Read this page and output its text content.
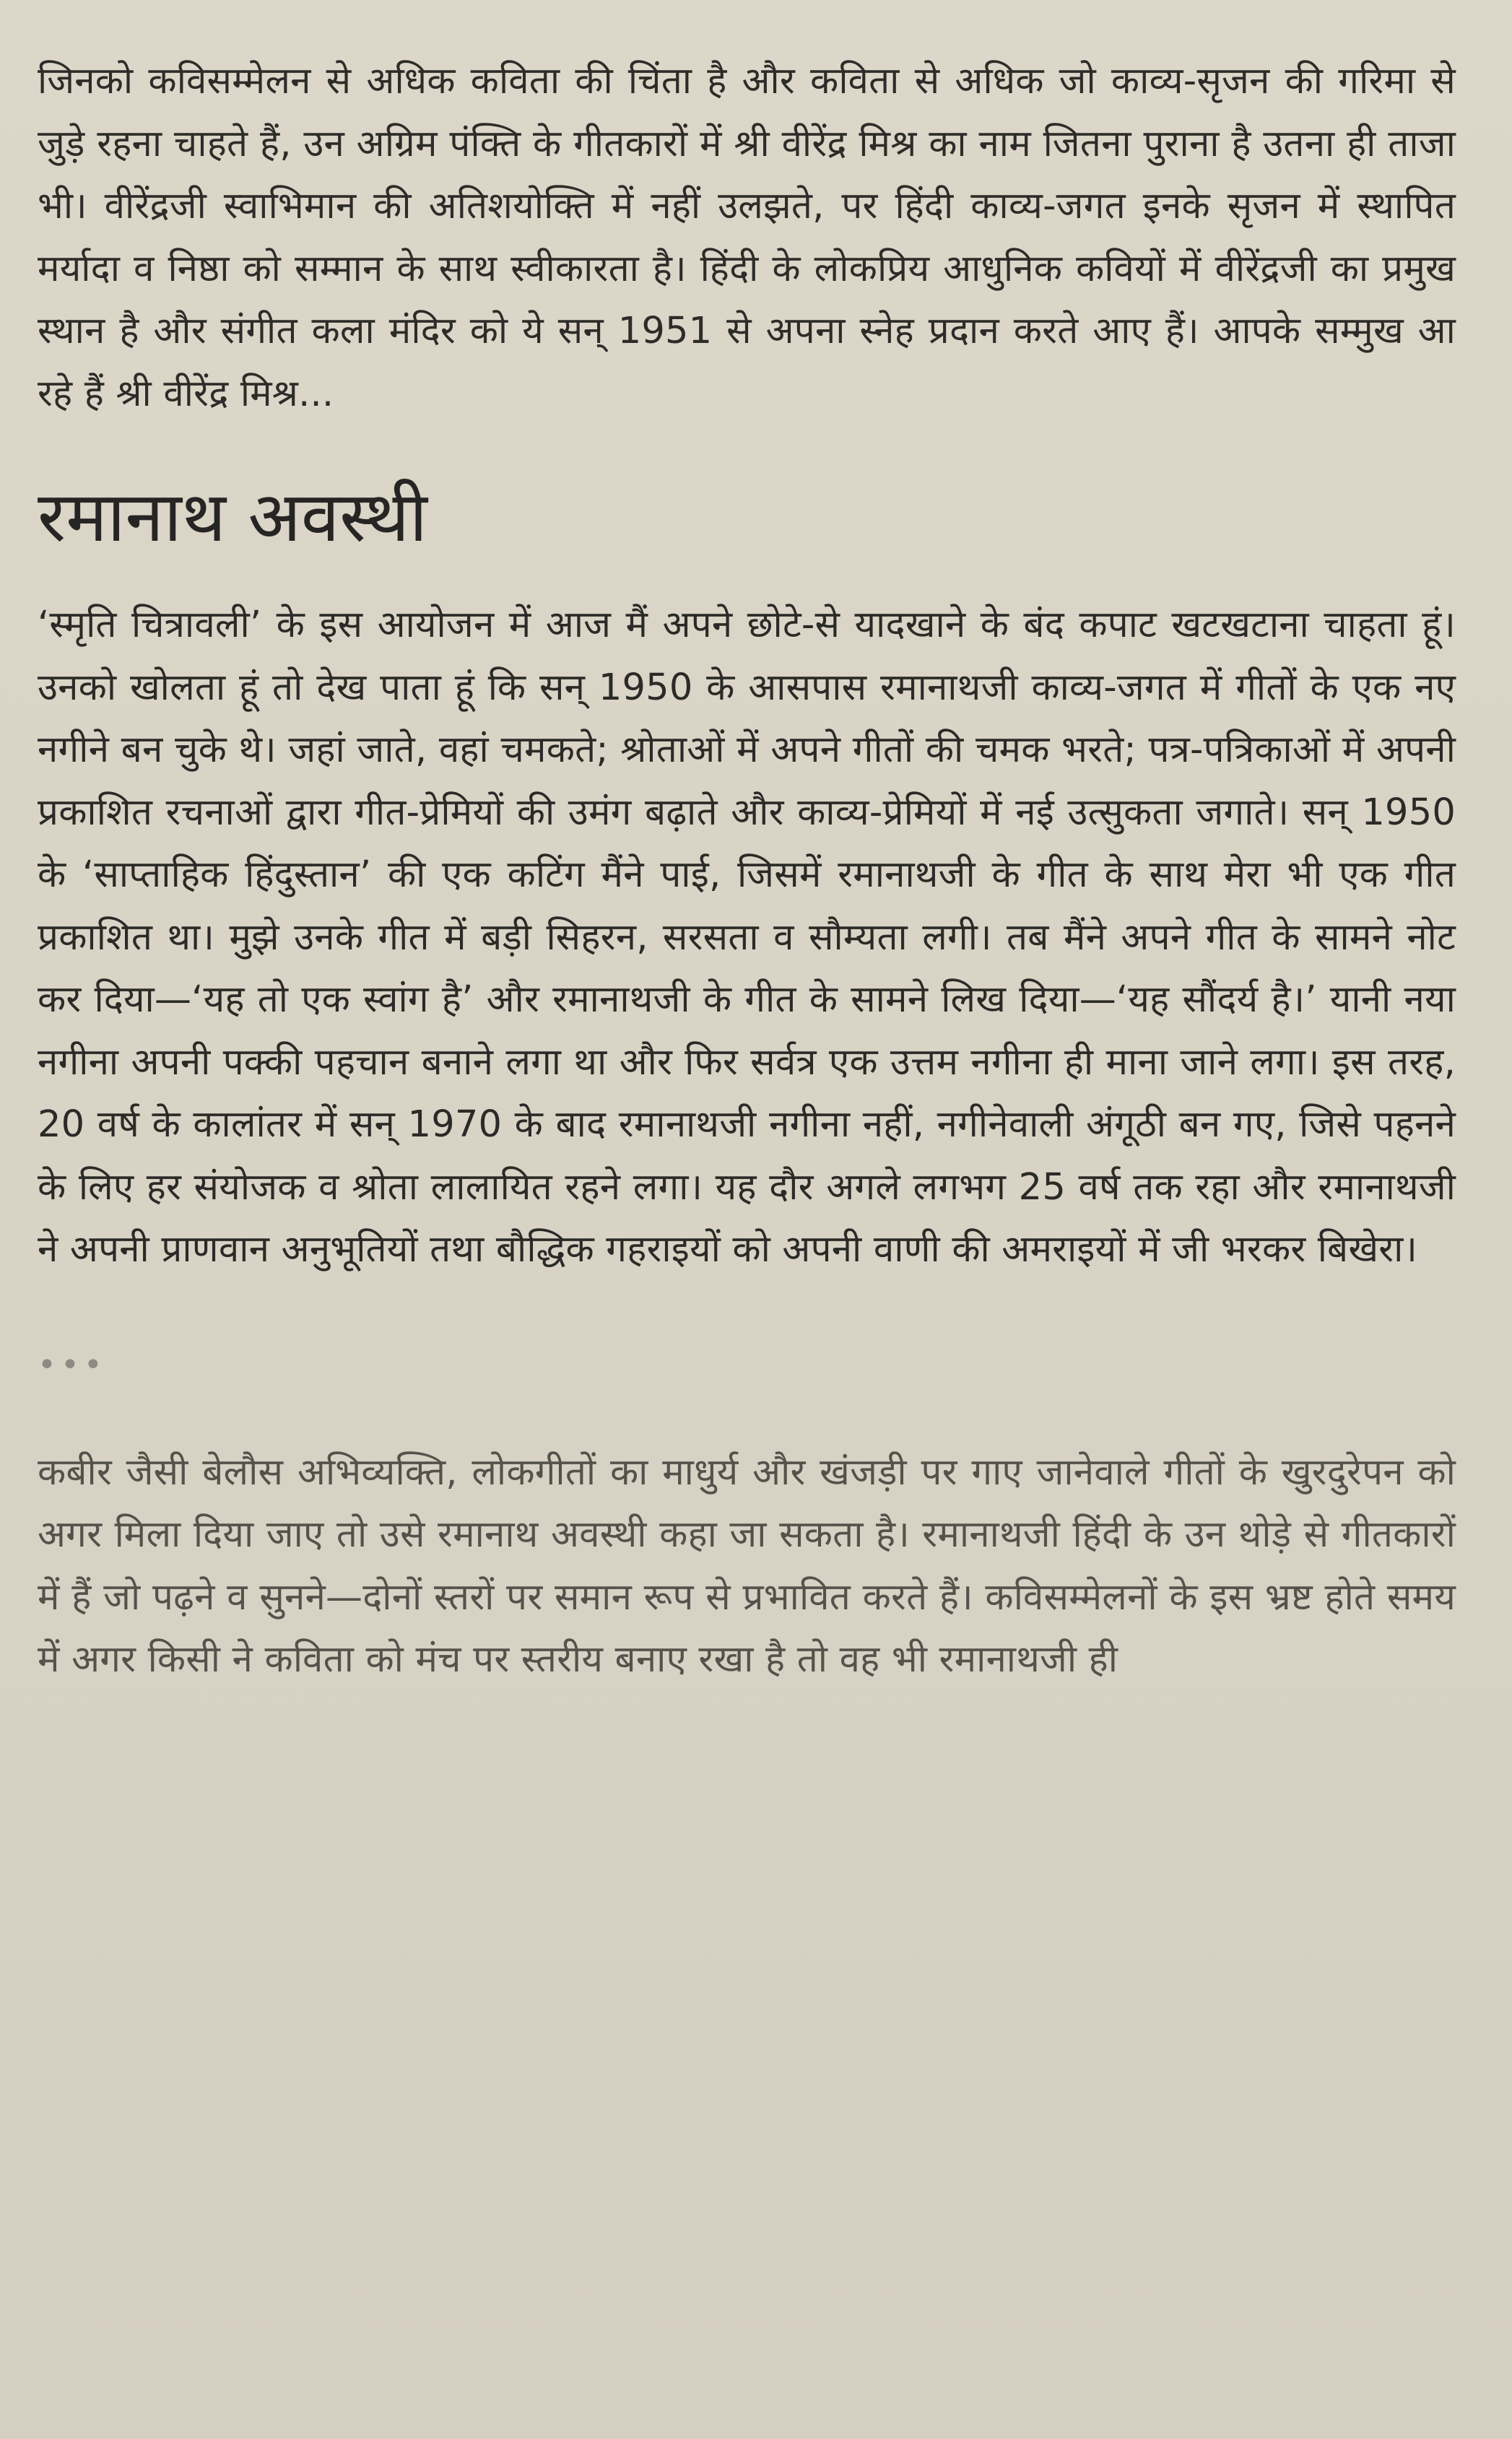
जिनको कविसम्मेलन से अधिक कविता की चिंता है और कविता से अधिक जो काव्य-सृजन की गरिमा से जुड़े रहना चाहते हैं, उन अग्रिम पंक्ति के गीतकारों में श्री वीरेंद्र मिश्र का नाम जितना पुराना है उतना ही ताजा भी। वीरेंद्रजी स्वाभिमान की अतिशयोक्ति में नहीं उलझते, पर हिंदी काव्य-जगत इनके सृजन में स्थापित मर्यादा व निष्ठा को सम्मान के साथ स्वीकारता है। हिंदी के लोकप्रिय आधुनिक कवियों में वीरेंद्रजी का प्रमुख स्थान है और संगीत कला मंदिर को ये सन् 1951 से अपना स्नेह प्रदान करते आए हैं। आपके सम्मुख आ रहे हैं श्री वीरेंद्र मिश्र...

रमानाथ अवस्थी

‘स्मृति चित्रावली’ के इस आयोजन में आज मैं अपने छोटे-से यादखाने के बंद कपाट खटखटाना चाहता हूं। उनको खोलता हूं तो देख पाता हूं कि सन् 1950 के आसपास रमानाथजी काव्य-जगत में गीतों के एक नए नगीने बन चुके थे। जहां जाते, वहां चमकते; श्रोताओं में अपने गीतों की चमक भरते; पत्र-पत्रिकाओं में अपनी प्रकाशित रचनाओं द्वारा गीत-प्रेमियों की उमंग बढ़ाते और काव्य-प्रेमियों में नई उत्सुकता जगाते। सन् 1950 के ‘साप्ताहिक हिंदुस्तान’ की एक कटिंग मैंने पाई, जिसमें रमानाथजी के गीत के साथ मेरा भी एक गीत प्रकाशित था। मुझे उनके गीत में बड़ी सिहरन, सरसता व सौम्यता लगी। तब मैंने अपने गीत के सामने नोट कर दिया—‘यह तो एक स्वांग है’ और रमानाथजी के गीत के सामने लिख दिया—‘यह सौंदर्य है।’ यानी नया नगीना अपनी पक्की पहचान बनाने लगा था और फिर सर्वत्र एक उत्तम नगीना ही माना जाने लगा। इस तरह, 20 वर्ष के कालांतर में सन् 1970 के बाद रमानाथजी नगीना नहीं, नगीनेवाली अंगूठी बन गए, जिसे पहनने के लिए हर संयोजक व श्रोता लालायित रहने लगा। यह दौर अगले लगभग 25 वर्ष तक रहा और रमानाथजी ने अपनी प्राणवान अनुभूतियों तथा बौद्धिक गहराइयों को अपनी वाणी की अमराइयों में जी भरकर बिखेरा।

•••

कबीर जैसी बेलौस अभिव्यक्ति, लोकगीतों का माधुर्य और खंजड़ी पर गाए जानेवाले गीतों के खुरदुरेपन को अगर मिला दिया जाए तो उसे रमानाथ अवस्थी कहा जा सकता है। रमानाथजी हिंदी के उन थोड़े से गीतकारों में हैं जो पढ़ने व सुनने—दोनों स्तरों पर समान रूप से प्रभावित करते हैं। कविसम्मेलनों के इस भ्रष्ट होते समय में अगर किसी ने कविता को मंच पर स्तरीय बनाए रखा है तो वह भी रमानाथजी ही
